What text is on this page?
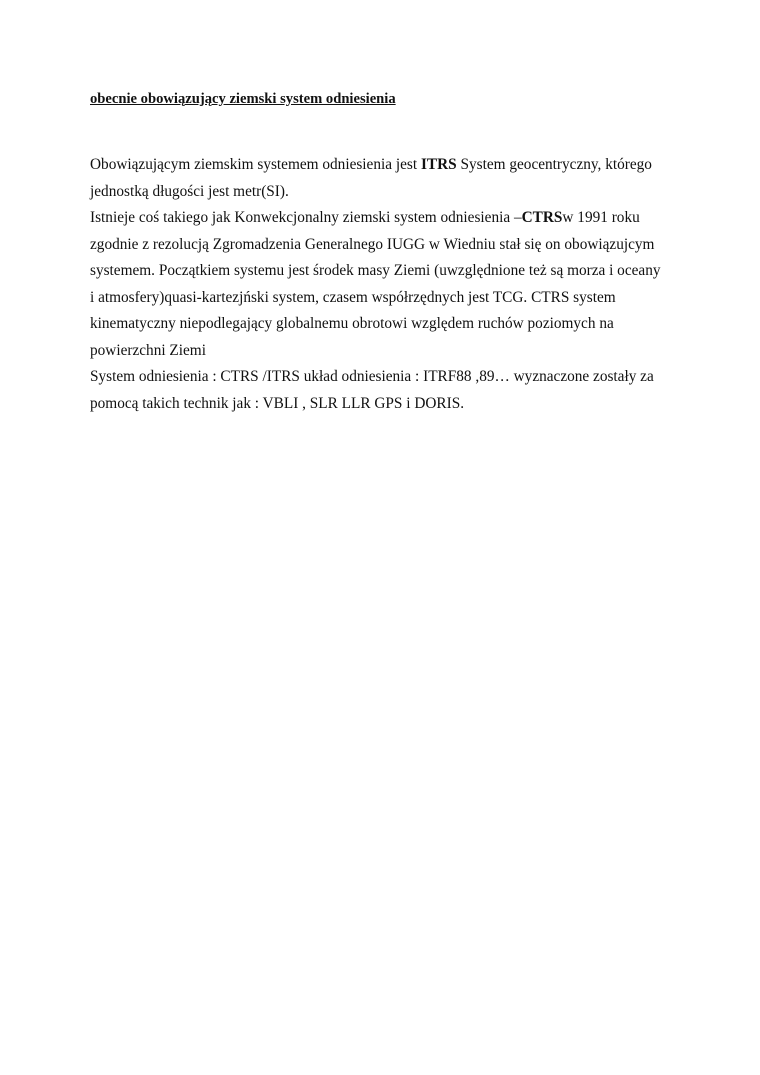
obecnie obowiązujący ziemski system odniesienia
Obowiązującym ziemskim systemem odniesienia jest ITRS System geocentryczny, którego
jednostką długości jest metr(SI).
Istnieje coś takiego jak Konwekcjonalny ziemski system odniesienia –CTRSw 1991 roku
zgodnie z rezolucją Zgromadzenia Generalnego IUGG w Wiedniu stał się on obowiązujcym
systemem. Początkiem systemu jest środek masy Ziemi (uwzględnione też są morza i oceany
i atmosfery)quasi-kartezjński system, czasem współrzędnych jest TCG. CTRS system
kinematyczny niepodlegający globalnemu obrotowi względem ruchów poziomych na
powierzchni Ziemi
System odniesienia : CTRS /ITRS układ odniesienia : ITRF88 ,89… wyznaczone zostały za
pomocą takich technik jak : VBLI , SLR LLR GPS i DORIS.
